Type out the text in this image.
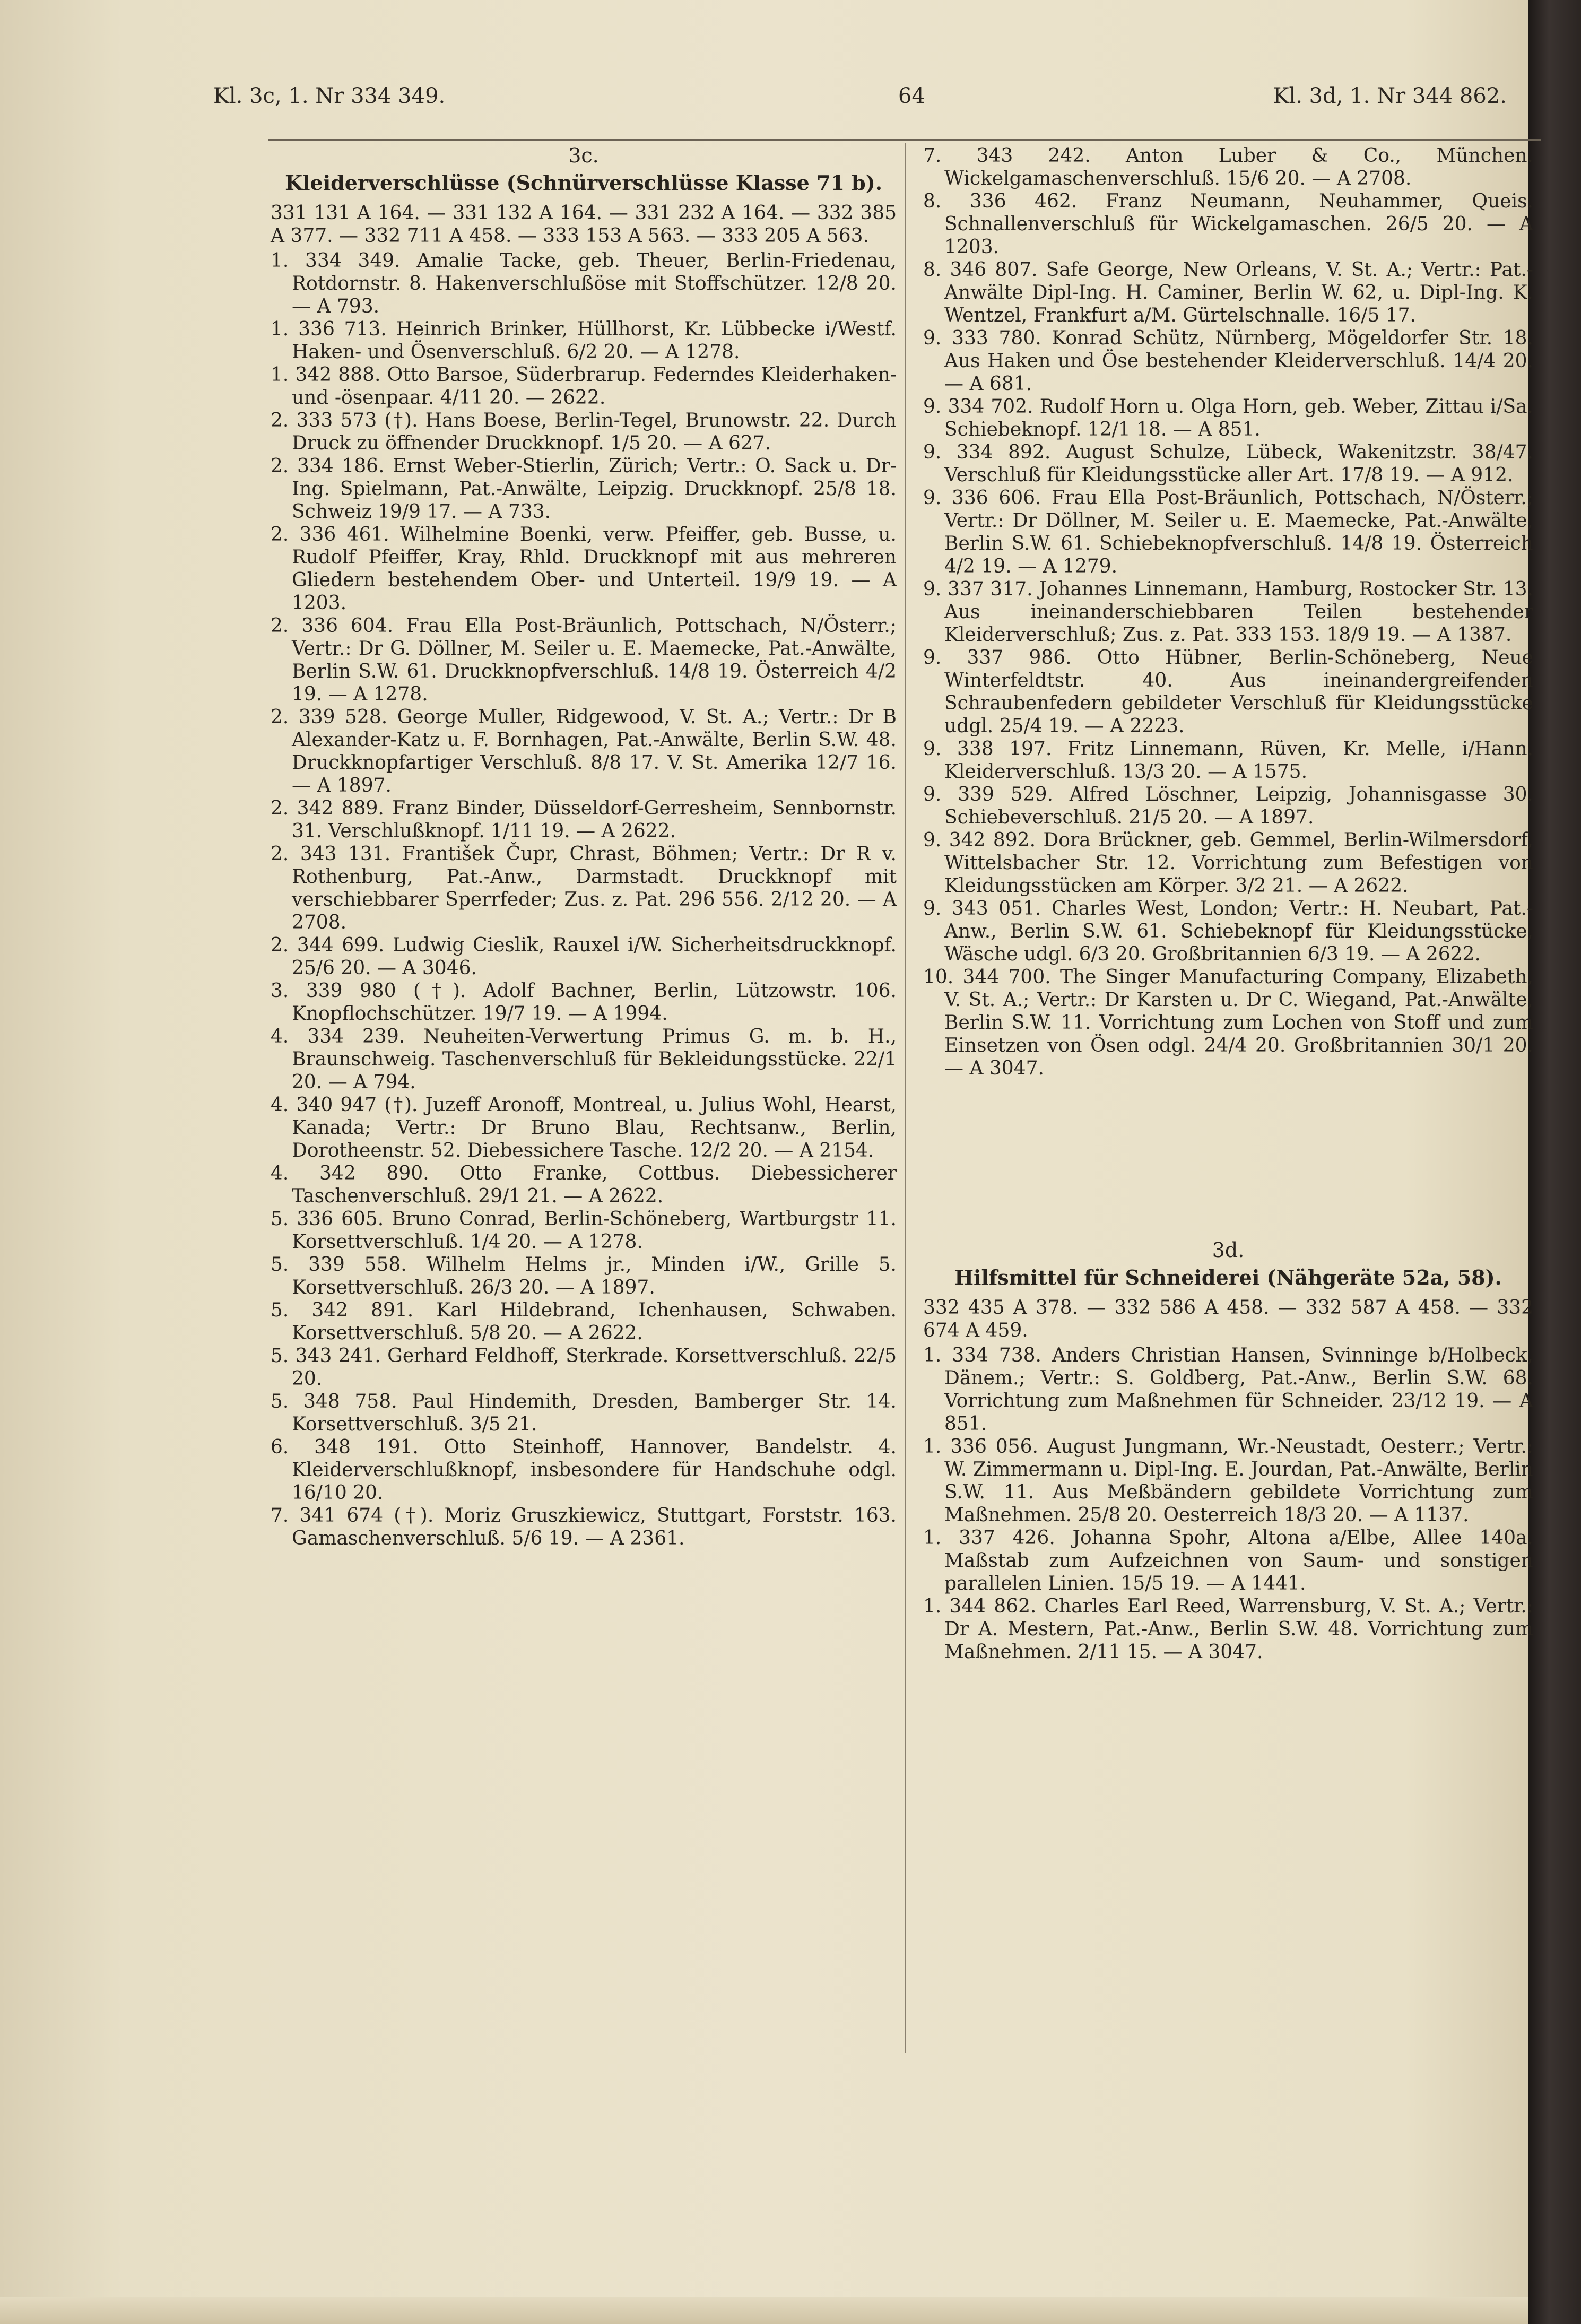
Kl. 3c, 1. Nr 334 349.	64	Kl. 3d, 1. Nr 344 862.
3c.
Kleiderverschlüsse (Schnürverschlüsse Klasse 71 b).

331 131 A 164. — 331 132 A 164. — 331 232 A 164. — 332 385 A 377. — 332 711 A 458. — 333 153 A 563. — 333 205 A 563.

1. 334 349. Amalie Tacke, geb. Theuer, Berlin-Friedenau, Rotdornstr. 8. Hakenverschlußöse mit Stoffschützer. 12/8 20. — A 793.

1. 336 713. Heinrich Brinker, Hüllhorst, Kr. Lübbecke i/Westf. Haken- und Ösenverschluß. 6/2 20. — A 1278.

1. 342 888. Otto Barsoe, Süderbrarup. Federndes Kleiderhaken- und -ösenpaar. 4/11 20. — 2622.

2. 333 573 (†). Hans Boese, Berlin-Tegel, Brunowstr. 22. Durch Druck zu öffnender Druckknopf. 1/5 20. — A 627.

2. 334 186. Ernst Weber-Stierlin, Zürich; Vertr.: O. Sack u. Dr-Ing. Spielmann, Pat.-Anwälte, Leipzig. Druckknopf. 25/8 18. Schweiz 19/9 17. — A 733.

2. 336 461. Wilhelmine Boenki, verw. Pfeiffer, geb. Busse, u. Rudolf Pfeiffer, Kray, Rhld. Druckknopf mit aus mehreren Gliedern bestehendem Ober- und Unterteil. 19/9 19. — A 1203.

2. 336 604. Frau Ella Post-Bräunlich, Pottschach, N/Österr.; Vertr.: Dr G. Döllner, M. Seiler u. E. Maemecke, Pat.-Anwälte, Berlin S.W. 61. Druckknopfverschluß. 14/8 19. Österreich 4/2 19. — A 1278.

2. 339 528. George Muller, Ridgewood, V. St. A.; Vertr.: Dr B Alexander-Katz u. F. Bornhagen, Pat.-Anwälte, Berlin S.W. 48. Druckknopfartiger Verschluß. 8/8 17. V. St. Amerika 12/7 16. — A 1897.

2. 342 889. Franz Binder, Düsseldorf-Gerresheim, Sennbornstr. 31. Verschlußknopf. 1/11 19. — A 2622.

2. 343 131. František Čupr, Chrast, Böhmen; Vertr.: Dr R v. Rothenburg, Pat.-Anw., Darmstadt. Druckknopf mit verschiebbarer Sperrfeder; Zus. z. Pat. 296 556. 2/12 20. — A 2708.

2. 344 699. Ludwig Cieslik, Rauxel i/W. Sicherheitsdruckknopf. 25/6 20. — A 3046.

3. 339 980 (†). Adolf Bachner, Berlin, Lützowstr. 106. Knopflochschützer. 19/7 19. — A 1994.

4. 334 239. Neuheiten-Verwertung Primus G. m. b. H., Braunschweig. Taschenverschluß für Bekleidungsstücke. 22/1 20. — A 794.

4. 340 947 (†). Juzeff Aronoff, Montreal, u. Julius Wohl, Hearst, Kanada; Vertr.: Dr Bruno Blau, Rechtsanw., Berlin, Dorotheenstr. 52. Diebessichere Tasche. 12/2 20. — A 2154.

4. 342 890. Otto Franke, Cottbus. Diebessicherer Taschenverschluß. 29/1 21. — A 2622.

5. 336 605. Bruno Conrad, Berlin-Schöneberg, Wartburgstr 11. Korsettverschluß. 1/4 20. — A 1278.

5. 339 558. Wilhelm Helms jr., Minden i/W., Grille 5. Korsettverschluß. 26/3 20. — A 1897.

5. 342 891. Karl Hildebrand, Ichenhausen, Schwaben. Korsettverschluß. 5/8 20. — A 2622.

5. 343 241. Gerhard Feldhoff, Sterkrade. Korsettverschluß. 22/5 20.

5. 348 758. Paul Hindemith, Dresden, Bamberger Str. 14. Korsettverschluß. 3/5 21.

6. 348 191. Otto Steinhoff, Hannover, Bandelstr. 4. Kleiderverschlußknopf, insbesondere für Handschuhe odgl. 16/10 20.

7. 341 674 (†). Moriz Gruszkiewicz, Stuttgart, Forststr. 163. Gamaschenverschluß. 5/6 19. — A 2361.

7. 343 242. Anton Luber & Co., München. Wickelgamaschenverschluß. 15/6 20. — A 2708.

8. 336 462. Franz Neumann, Neuhammer, Queis. Schnallenverschluß für Wickelgamaschen. 26/5 20. — A 1203.

8. 346 807. Safe George, New Orleans, V. St. A.; Vertr.: Pat.-Anwälte Dipl-Ing. H. Caminer, Berlin W. 62, u. Dipl-Ing. K. Wentzel, Frankfurt a/M. Gürtelschnalle. 16/5 17.

9. 333 780. Konrad Schütz, Nürnberg, Mögeldorfer Str. 18. Aus Haken und Öse bestehender Kleiderverschluß. 14/4 20. — A 681.

9. 334 702. Rudolf Horn u. Olga Horn, geb. Weber, Zittau i/Sa. Schiebeknopf. 12/1 18. — A 851.

9. 334 892. August Schulze, Lübeck, Wakenitzstr. 38/47. Verschluß für Kleidungsstücke aller Art. 17/8 19. — A 912.

9. 336 606. Frau Ella Post-Bräunlich, Pottschach, N/Österr.; Vertr.: Dr Döllner, M. Seiler u. E. Maemecke, Pat.-Anwälte, Berlin S.W. 61. Schiebeknopfverschluß. 14/8 19. Österreich 4/2 19. — A 1279.

9. 337 317. Johannes Linnemann, Hamburg, Rostocker Str. 13. Aus ineinanderschiebbaren Teilen bestehender Kleiderverschluß; Zus. z. Pat. 333 153. 18/9 19. — A 1387.

9. 337 986. Otto Hübner, Berlin-Schöneberg, Neue Winterfeldtstr. 40. Aus ineinandergreifenden Schraubenfedern gebildeter Verschluß für Kleidungsstücke udgl. 25/4 19. — A 2223.

9. 338 197. Fritz Linnemann, Rüven, Kr. Melle, i/Hann. Kleiderverschluß. 13/3 20. — A 1575.

9. 339 529. Alfred Löschner, Leipzig, Johannisgasse 30. Schiebeverschluß. 21/5 20. — A 1897.

9. 342 892. Dora Brückner, geb. Gemmel, Berlin-Wilmersdorf, Wittelsbacher Str. 12. Vorrichtung zum Befestigen von Kleidungsstücken am Körper. 3/2 21. — A 2622.

9. 343 051. Charles West, London; Vertr.: H. Neubart, Pat.-Anw., Berlin S.W. 61. Schiebeknopf für Kleidungsstücke, Wäsche udgl. 6/3 20. Großbritannien 6/3 19. — A 2622.

10. 344 700. The Singer Manufacturing Company, Elizabeth, V. St. A.; Vertr.: Dr Karsten u. Dr C. Wiegand, Pat.-Anwälte, Berlin S.W. 11. Vorrichtung zum Lochen von Stoff und zum Einsetzen von Ösen odgl. 24/4 20. Großbritannien 30/1 20. — A 3047.

3d.
Hilfsmittel für Schneiderei (Nähgeräte 52a, 58).

332 435 A 378. — 332 586 A 458. — 332 587 A 458. — 332 674 A 459.

1. 334 738. Anders Christian Hansen, Svinninge b/Holbeck, Dänem.; Vertr.: S. Goldberg, Pat.-Anw., Berlin S.W. 68. Vorrichtung zum Maßnehmen für Schneider. 23/12 19. — A 851.

1. 336 056. August Jungmann, Wr.-Neustadt, Oesterr.; Vertr.: W. Zimmermann u. Dipl-Ing. E. Jourdan, Pat.-Anwälte, Berlin S.W. 11. Aus Meßbändern gebildete Vorrichtung zum Maßnehmen. 25/8 20. Oesterreich 18/3 20. — A 1137.

1. 337 426. Johanna Spohr, Altona a/Elbe, Allee 140a. Maßstab zum Aufzeichnen von Saum- und sonstigen parallelen Linien. 15/5 19. — A 1441.

1. 344 862. Charles Earl Reed, Warrensburg, V. St. A.; Vertr.: Dr A. Mestern, Pat.-Anw., Berlin S.W. 48. Vorrichtung zum Maßnehmen. 2/11 15. — A 3047.
